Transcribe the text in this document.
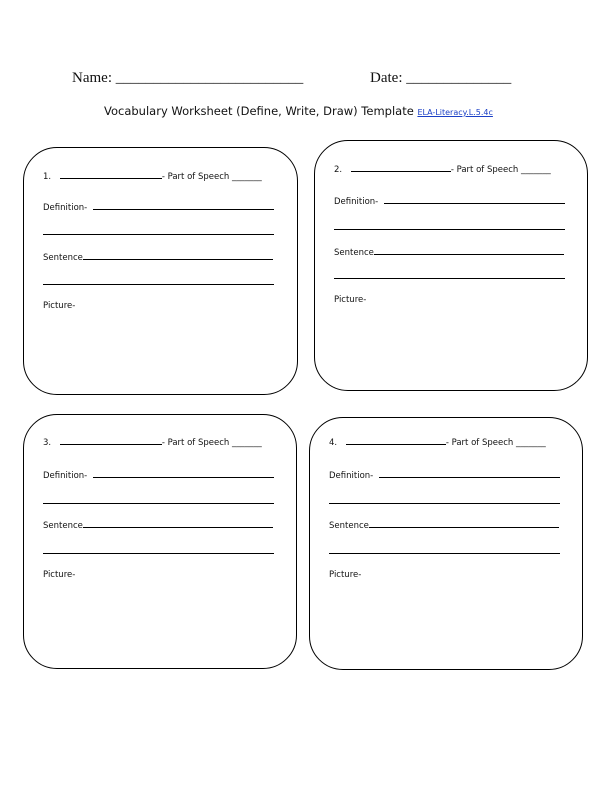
Name: _________________________	Date: ______________
Vocabulary Worksheet (Define, Write, Draw) Template ELA-Literacy.L.5.4c
1.	- Part of Speech _______
Definition-
Sentence
Picture-
2.	- Part of Speech _______
Definition-
Sentence
Picture-
3.	- Part of Speech _______
Definition-
Sentence
Picture-
4.	- Part of Speech _______
Definition-
Sentence
Picture-
